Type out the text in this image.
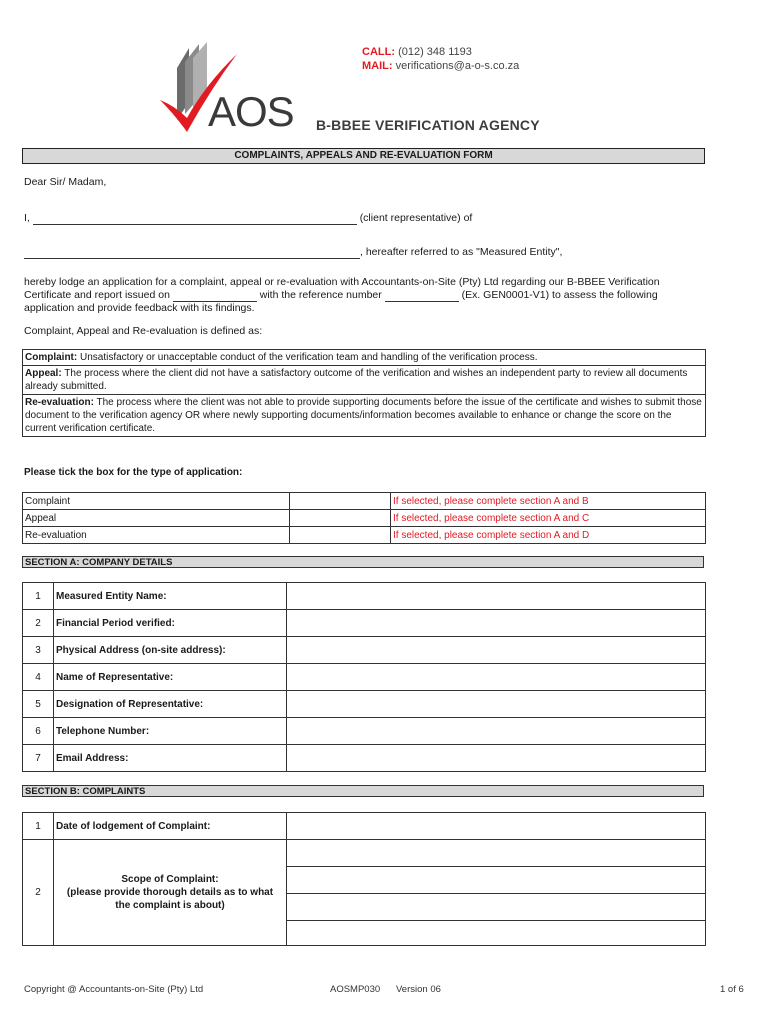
AOS B-BBEE VERIFICATION AGENCY
CALL: (012) 348 1193
MAIL: verifications@a-o-s.co.za
COMPLAINTS, APPEALS AND RE-EVALUATION FORM
Dear Sir/ Madam,
I,	(client representative) of
, hereafter referred to as "Measured Entity",
hereby lodge an application for a complaint, appeal or re-evaluation with Accountants-on-Site (Pty) Ltd regarding our B-BBEE Verification
Certificate and report issued on	with the reference number	(Ex. GEN0001-V1) to assess the following
application and provide feedback with its findings.
Complaint, Appeal and Re-evaluation is defined as:
Complaint: Unsatisfactory or unacceptable conduct of the verification team and handling of the verification process.
Appeal: The process where the client did not have a satisfactory outcome of the verification and wishes an independent party to review all documents already submitted.
Re-evaluation: The process where the client was not able to provide supporting documents before the issue of the certificate and wishes to submit those document to the verification agency OR where newly supporting documents/information becomes available to enhance or change the score on the current verification certificate.
Please tick the box for the type of application:
Complaint		If selected, please complete section A and B
Appeal		If selected, please complete section A and C
Re-evaluation		If selected, please complete section A and D
SECTION A: COMPANY DETAILS
1	Measured Entity Name:	
2	Financial Period verified:	
3	Physical Address (on-site address):	
4	Name of Representative:	
5	Designation of Representative:	
6	Telephone Number:	
7	Email Address:	
SECTION B: COMPLAINTS
1	Date of lodgement of Complaint:	
2	Scope of Complaint:
(please provide thorough details as to what
the complaint is about)	

Copyright @ Accountants-on-Site (Pty) Ltd	AOSMP030 Version 06	1 of 6
